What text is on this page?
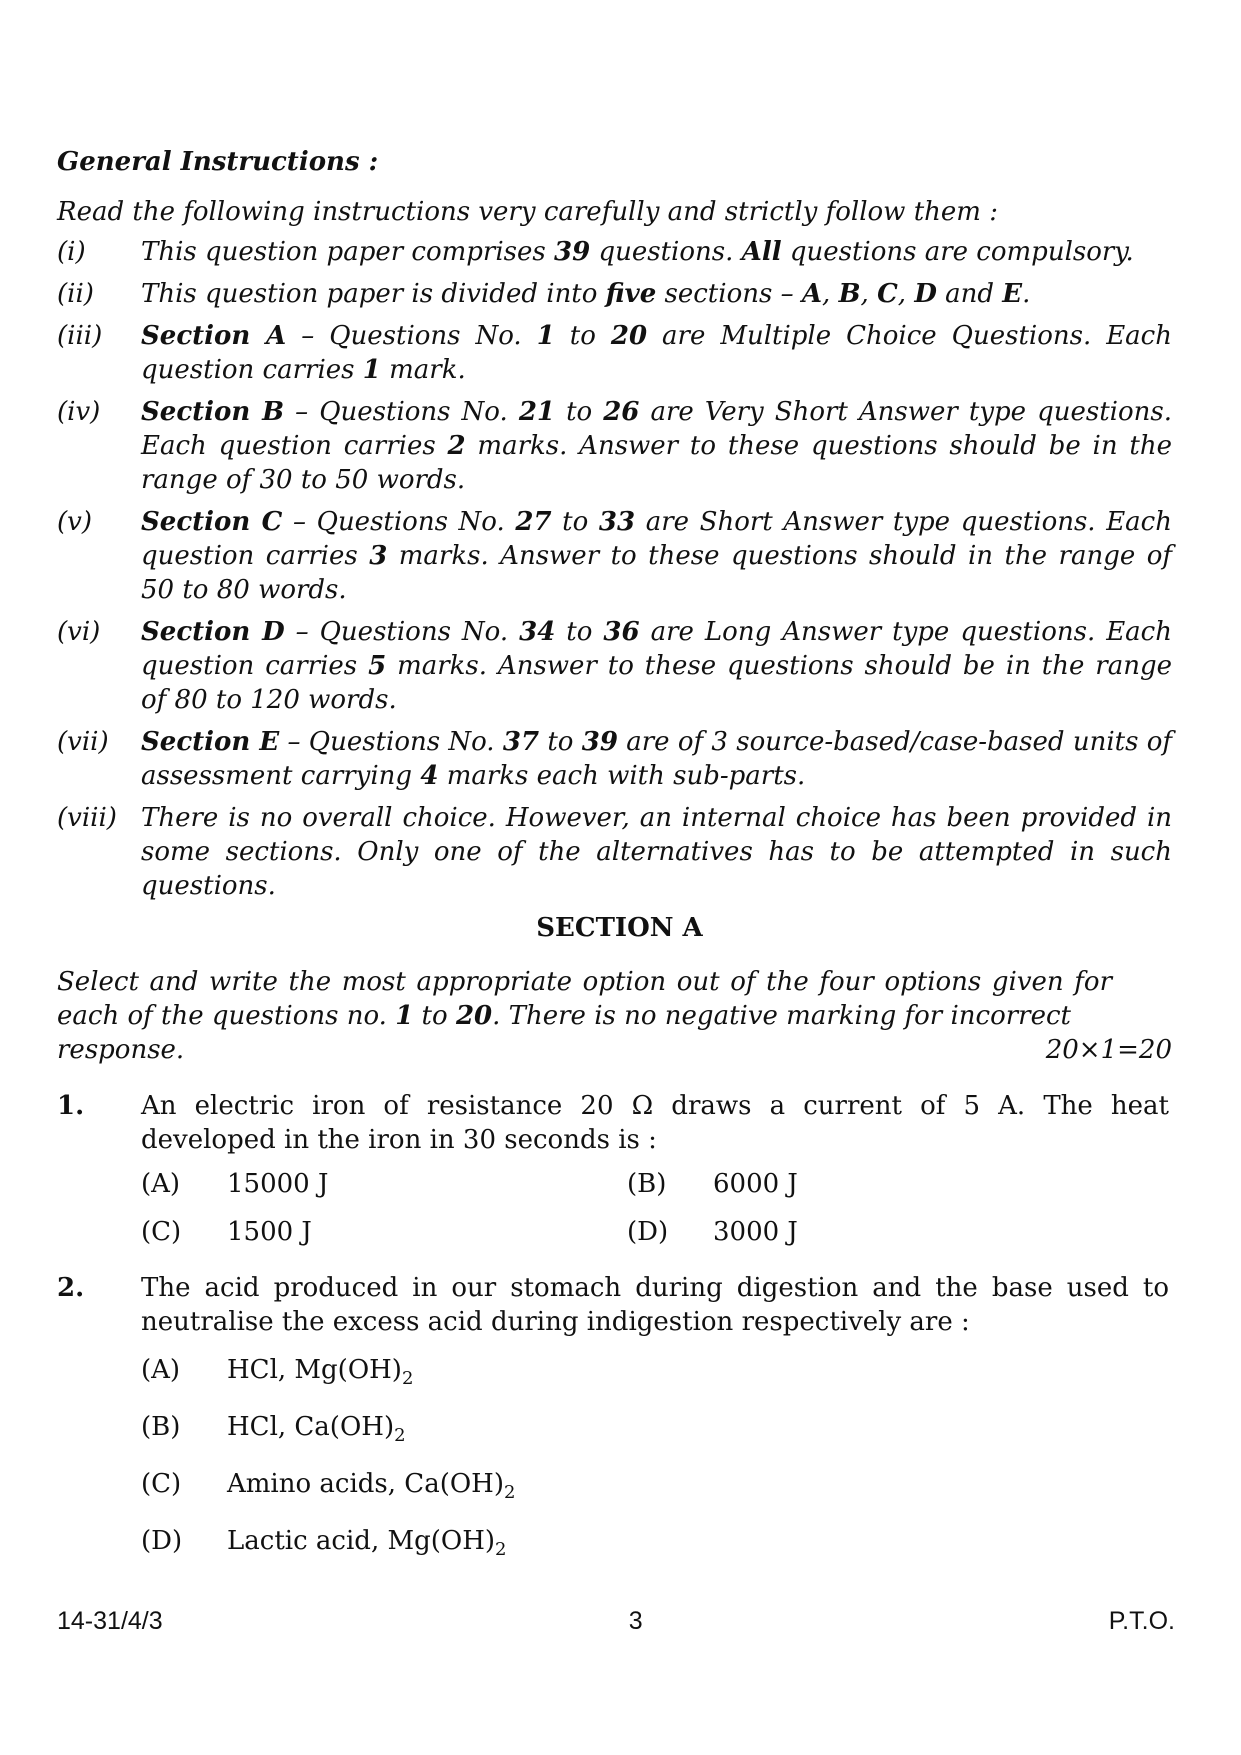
General Instructions :
Read the following instructions very carefully and strictly follow them :
(i)	This question paper comprises 39 questions. All questions are compulsory.
(ii)	This question paper is divided into five sections – A, B, C, D and E.
(iii)	Section A – Questions No. 1 to 20 are Multiple Choice Questions. Each question carries 1 mark.
(iv)	Section B – Questions No. 21 to 26 are Very Short Answer type questions. Each question carries 2 marks. Answer to these questions should be in the range of 30 to 50 words.
(v)	Section C – Questions No. 27 to 33 are Short Answer type questions. Each question carries 3 marks. Answer to these questions should in the range of 50 to 80 words.
(vi)	Section D – Questions No. 34 to 36 are Long Answer type questions. Each question carries 5 marks. Answer to these questions should be in the range of 80 to 120 words.
(vii)	Section E – Questions No. 37 to 39 are of 3 source-based/case-based units of assessment carrying 4 marks each with sub-parts.
(viii) There is no overall choice. However, an internal choice has been provided in some sections. Only one of the alternatives has to be attempted in such questions.
SECTION A
Select and write the most appropriate option out of the four options given for each of the questions no. 1 to 20. There is no negative marking for incorrect
response.	20×1=20
1.	An electric iron of resistance 20 Ω draws a current of 5 A. The heat developed in the iron in 30 seconds is :
(A)	15000 J	(B)	6000 J
(C)	1500 J	(D)	3000 J
2.	The acid produced in our stomach during digestion and the base used to neutralise the excess acid during indigestion respectively are :
(A)	HCl, $Mg(OH)_2$
(B)	HCl, $Ca(OH)_2$
(C)	Amino acids, $Ca(OH)_2$
(D)	Lactic acid, $Mg(OH)_2$
14-31/4/3	3	P.T.O.
